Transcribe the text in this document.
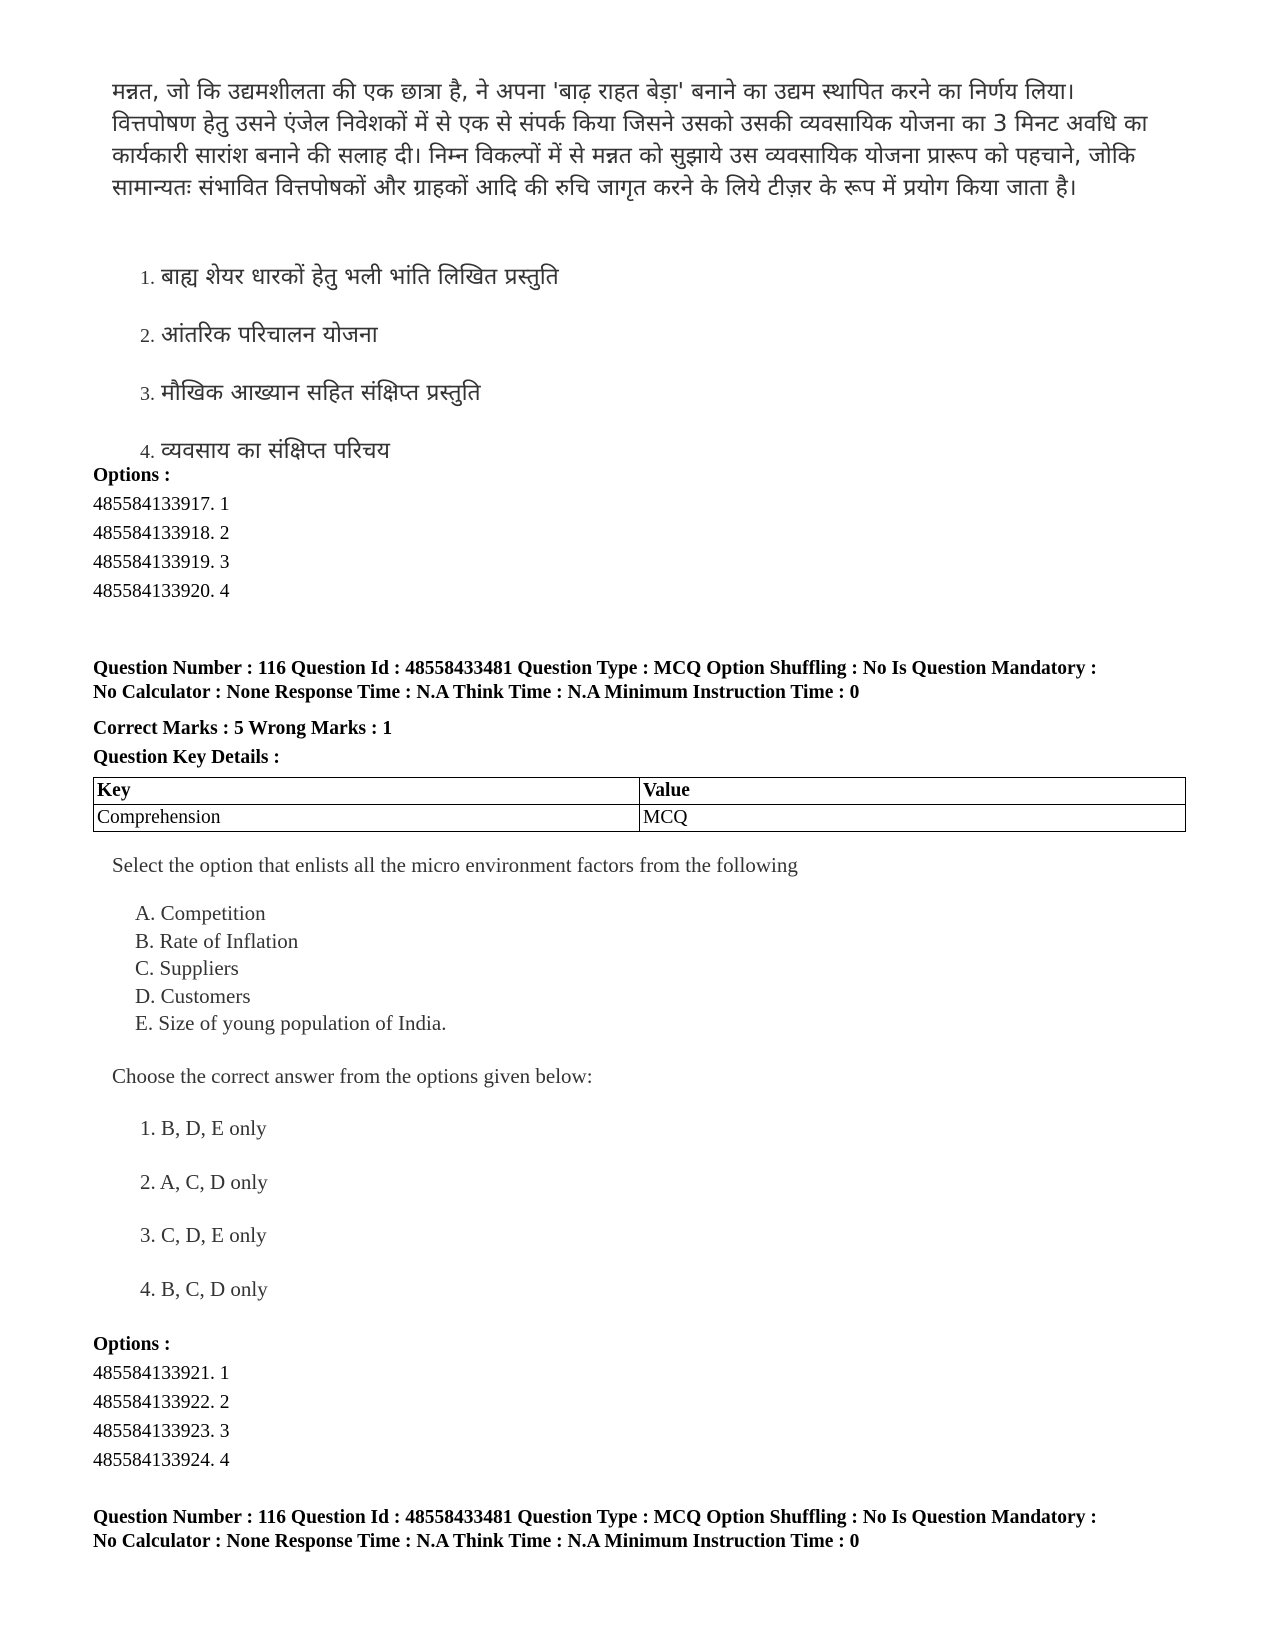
मन्नत, जो कि उद्यमशीलता की एक छात्रा है, ने अपना 'बाढ़ राहत बेड़ा' बनाने का उद्यम स्थापित करने का निर्णय लिया। वित्तपोषण हेतु उसने एंजेल निवेशकों में से एक से संपर्क किया जिसने उसको उसकी व्यवसायिक योजना का 3 मिनट अवधि का कार्यकारी सारांश बनाने की सलाह दी। निम्न विकल्पों में से मन्नत को सुझाये उस व्यवसायिक योजना प्रारूप को पहचाने, जोकि सामान्यतः संभावित वित्तपोषकों और ग्राहकों आदि की रुचि जागृत करने के लिये टीज़र के रूप में प्रयोग किया जाता है।
1. बाह्य शेयर धारकों हेतु भली भांति लिखित प्रस्तुति
2. आंतरिक परिचालन योजना
3. मौखिक आख्यान सहित संक्षिप्त प्रस्तुति
4. व्यवसाय का संक्षिप्त परिचय
Options :
485584133917. 1
485584133918. 2
485584133919. 3
485584133920. 4
Question Number : 116 Question Id : 48558433481 Question Type : MCQ Option Shuffling : No Is Question Mandatory :
No Calculator : None Response Time : N.A Think Time : N.A Minimum Instruction Time : 0
Correct Marks : 5 Wrong Marks : 1
Question Key Details :
Key	Value
Comprehension	MCQ
Select the option that enlists all the micro environment factors from the following
A. Competition
B. Rate of Inflation
C. Suppliers
D. Customers
E. Size of young population of India.
Choose the correct answer from the options given below:
1. B, D, E only
2. A, C, D only
3. C, D, E only
4. B, C, D only
Options :
485584133921. 1
485584133922. 2
485584133923. 3
485584133924. 4
Question Number : 116 Question Id : 48558433481 Question Type : MCQ Option Shuffling : No Is Question Mandatory :
No Calculator : None Response Time : N.A Think Time : N.A Minimum Instruction Time : 0
